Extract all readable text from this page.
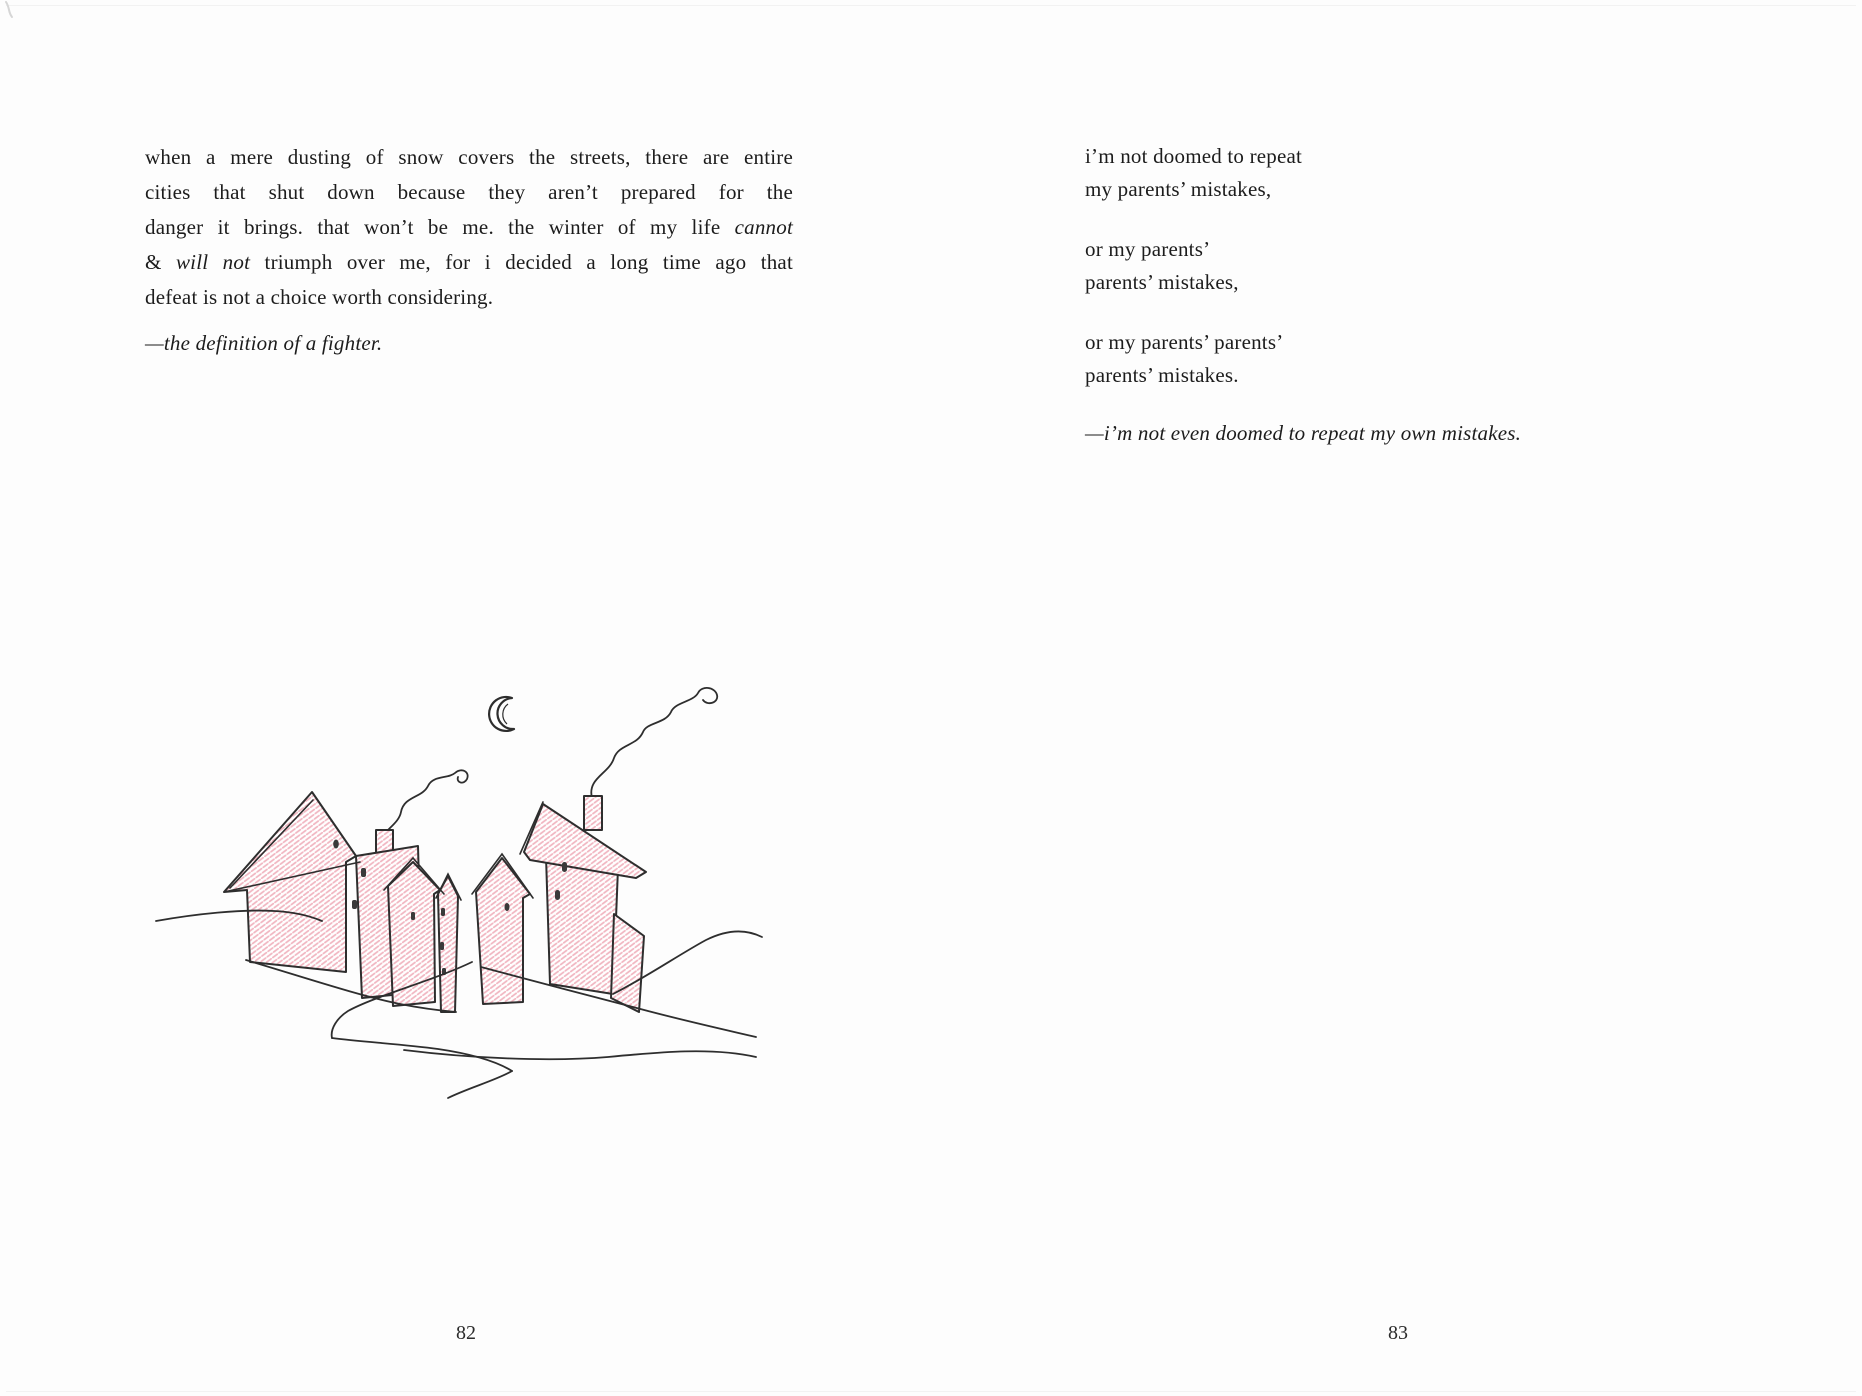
when a mere dusting of snow covers the streets, there are entire
cities that shut down because they aren’t prepared for the
danger it brings. that won’t be me. the winter of my life cannot
& will not triumph over me, for i decided a long time ago that
defeat is not a choice worth considering.
—the definition of a fighter.
82
i’m not doomed to repeat
my parents’ mistakes,
or my parents’
parents’ mistakes,
or my parents’ parents’
parents’ mistakes.
—i’m not even doomed to repeat my own mistakes.
83
